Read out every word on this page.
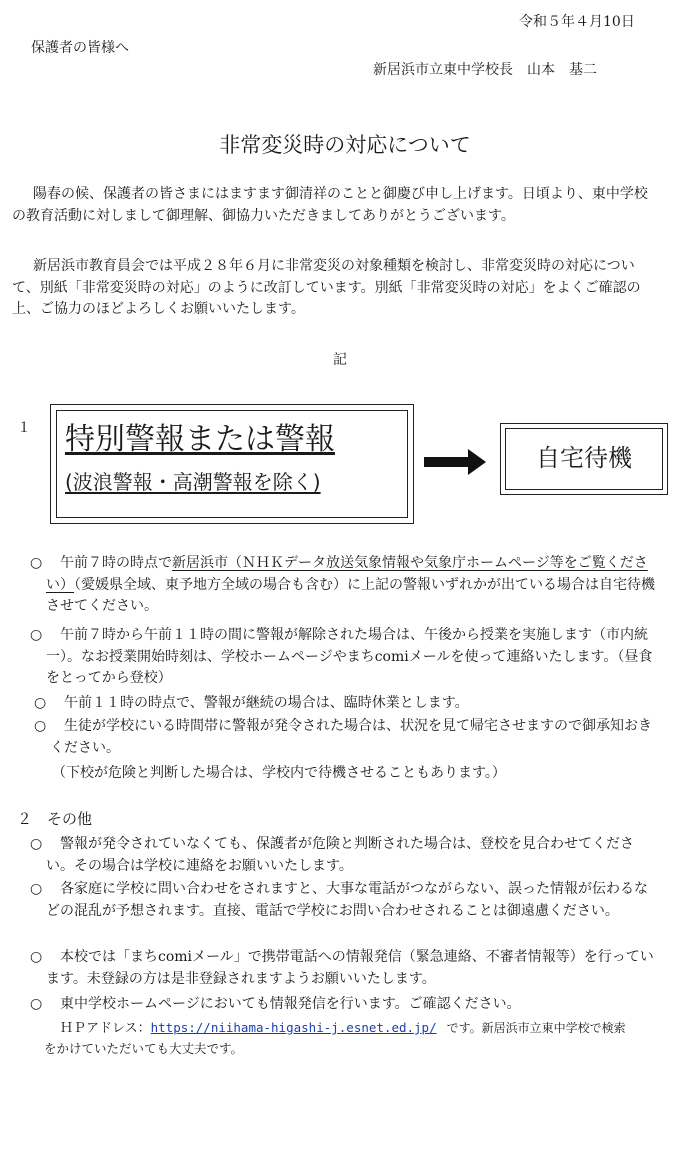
令和５年４月10日
保護者の皆様へ
新居浜市立東中学校長　山本　基二
非常変災時の対応について
陽春の候、保護者の皆さまにはますます御清祥のことと御慶び申し上げます。日頃より、東中学校の教育活動に対しまして御理解、御協力いただきましてありがとうございます。
新居浜市教育員会では平成２８年６月に非常変災の対象種類を検討し、非常変災時の対応について、別紙「非常変災時の対応」のように改訂しています。別紙「非常変災時の対応」をよくご確認の上、ご協力のほどよろしくお願いいたします。
記
１ 特別警報または警報
(波浪警報・高潮警報を除く)
自宅待機
○	午前７時の時点で新居浜市（ＮＨＫデータ放送気象情報や気象庁ホームページ等をご覧ください）（愛媛県全域、東予地方全域の場合も含む）に上記の警報いずれかが出ている場合は自宅待機させてください。
○	午前７時から午前１１時の間に警報が解除された場合は、午後から授業を実施します（市内統一）。なお授業開始時刻は、学校ホームページやまちcomiメールを使って連絡いたします。（昼食をとってから登校）
○	午前１１時の時点で、警報が継続の場合は、臨時休業とします。
○	生徒が学校にいる時間帯に警報が発令された場合は、状況を見て帰宅させますので御承知おきください。
（下校が危険と判断した場合は、学校内で待機させることもあります。）
２　その他
○	警報が発令されていなくても、保護者が危険と判断された場合は、登校を見合わせてください。その場合は学校に連絡をお願いいたします。
○	各家庭に学校に問い合わせをされますと、大事な電話がつながらない、誤った情報が伝わるなどの混乱が予想されます。直接、電話で学校にお問い合わせされることは御遠慮ください。
○	本校では「まちcomiメール」で携帯電話への情報発信（緊急連絡、不審者情報等）を行っています。未登録の方は是非登録されますようお願いいたします。
○	東中学校ホームページにおいても情報発信を行います。ご確認ください。
ＨＰアドレス：https://niihama-higashi-j.esnet.ed.jp/ です。新居浜市立東中学校で検索
をかけていただいても大丈夫です。
